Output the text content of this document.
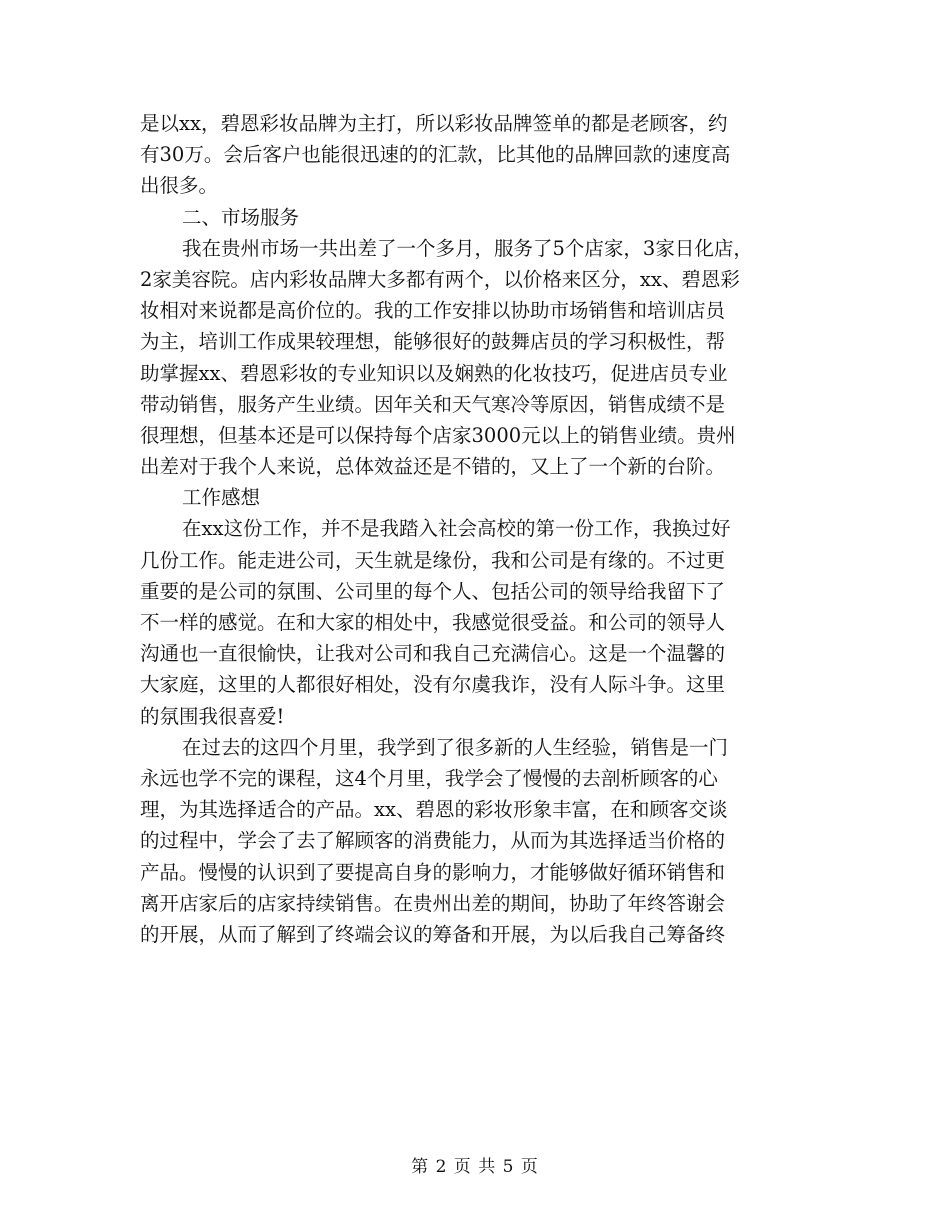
是以xx，碧恩彩妆品牌为主打，所以彩妆品牌签单的都是老顾客，约
有30万。会后客户也能很迅速的的汇款，比其他的品牌回款的速度高
出很多。
二、市场服务
我在贵州市场一共出差了一个多月，服务了5个店家，3家日化店，
2家美容院。店内彩妆品牌大多都有两个，以价格来区分，xx、碧恩彩
妆相对来说都是高价位的。我的工作安排以协助市场销售和培训店员
为主，培训工作成果较理想，能够很好的鼓舞店员的学习积极性，帮
助掌握xx、碧恩彩妆的专业知识以及娴熟的化妆技巧，促进店员专业
带动销售，服务产生业绩。因年关和天气寒冷等原因，销售成绩不是
很理想，但基本还是可以保持每个店家3000元以上的销售业绩。贵州
出差对于我个人来说，总体效益还是不错的，又上了一个新的台阶。
工作感想
在xx这份工作，并不是我踏入社会高校的第一份工作，我换过好
几份工作。能走进公司，天生就是缘份，我和公司是有缘的。不过更
重要的是公司的氛围、公司里的每个人、包括公司的领导给我留下了
不一样的感觉。在和大家的相处中，我感觉很受益。和公司的领导人
沟通也一直很愉快，让我对公司和我自己充满信心。这是一个温馨的
大家庭，这里的人都很好相处，没有尔虞我诈，没有人际斗争。这里
的氛围我很喜爱!
在过去的这四个月里，我学到了很多新的人生经验，销售是一门
永远也学不完的课程，这4个月里，我学会了慢慢的去剖析顾客的心
理，为其选择适合的产品。xx、碧恩的彩妆形象丰富，在和顾客交谈
的过程中，学会了去了解顾客的消费能力，从而为其选择适当价格的
产品。慢慢的认识到了要提高自身的影响力，才能够做好循环销售和
离开店家后的店家持续销售。在贵州出差的期间，协助了年终答谢会
的开展，从而了解到了终端会议的筹备和开展，为以后我自己筹备终
第 2 页 共 5 页
